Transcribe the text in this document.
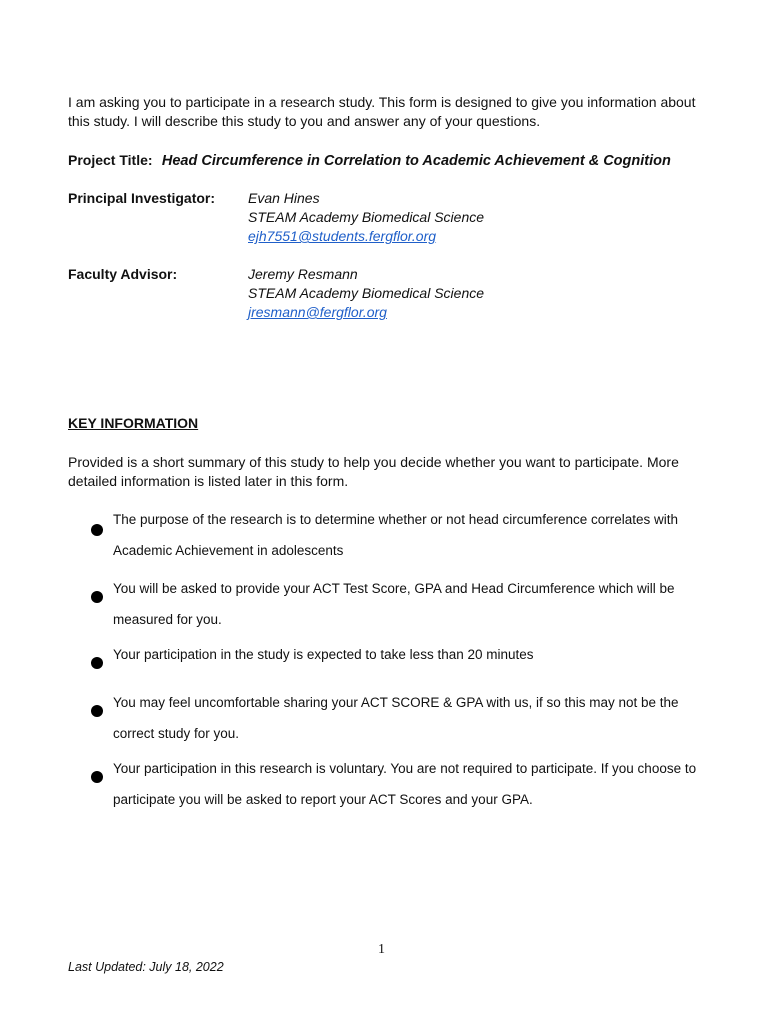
I am asking you to participate in a research study. This form is designed to give you information about this study. I will describe this study to you and answer any of your questions.

Project Title: Head Circumference in Correlation to Academic Achievement & Cognition
Principal Investigator: Evan Hines
STEAM Academy Biomedical Science
ejh7551@students.fergflor.org
Faculty Advisor:	Jeremy Resmann
STEAM Academy Biomedical Science
jresmann@fergflor.org
KEY INFORMATION

Provided is a short summary of this study to help you decide whether you want to participate. More detailed information is listed later in this form.

The purpose of the research is to determine whether or not head circumference correlates with Academic Achievement in adolescents
You will be asked to provide your ACT Test Score, GPA and Head Circumference which will be measured for you.
Your participation in the study is expected to take less than 20 minutes
You may feel uncomfortable sharing your ACT SCORE & GPA with us, if so this may not be the correct study for you.
Your participation in this research is voluntary. You are not required to participate. If you choose to participate you will be asked to report your ACT Scores and your GPA.
1
Last Updated: July 18, 2022
